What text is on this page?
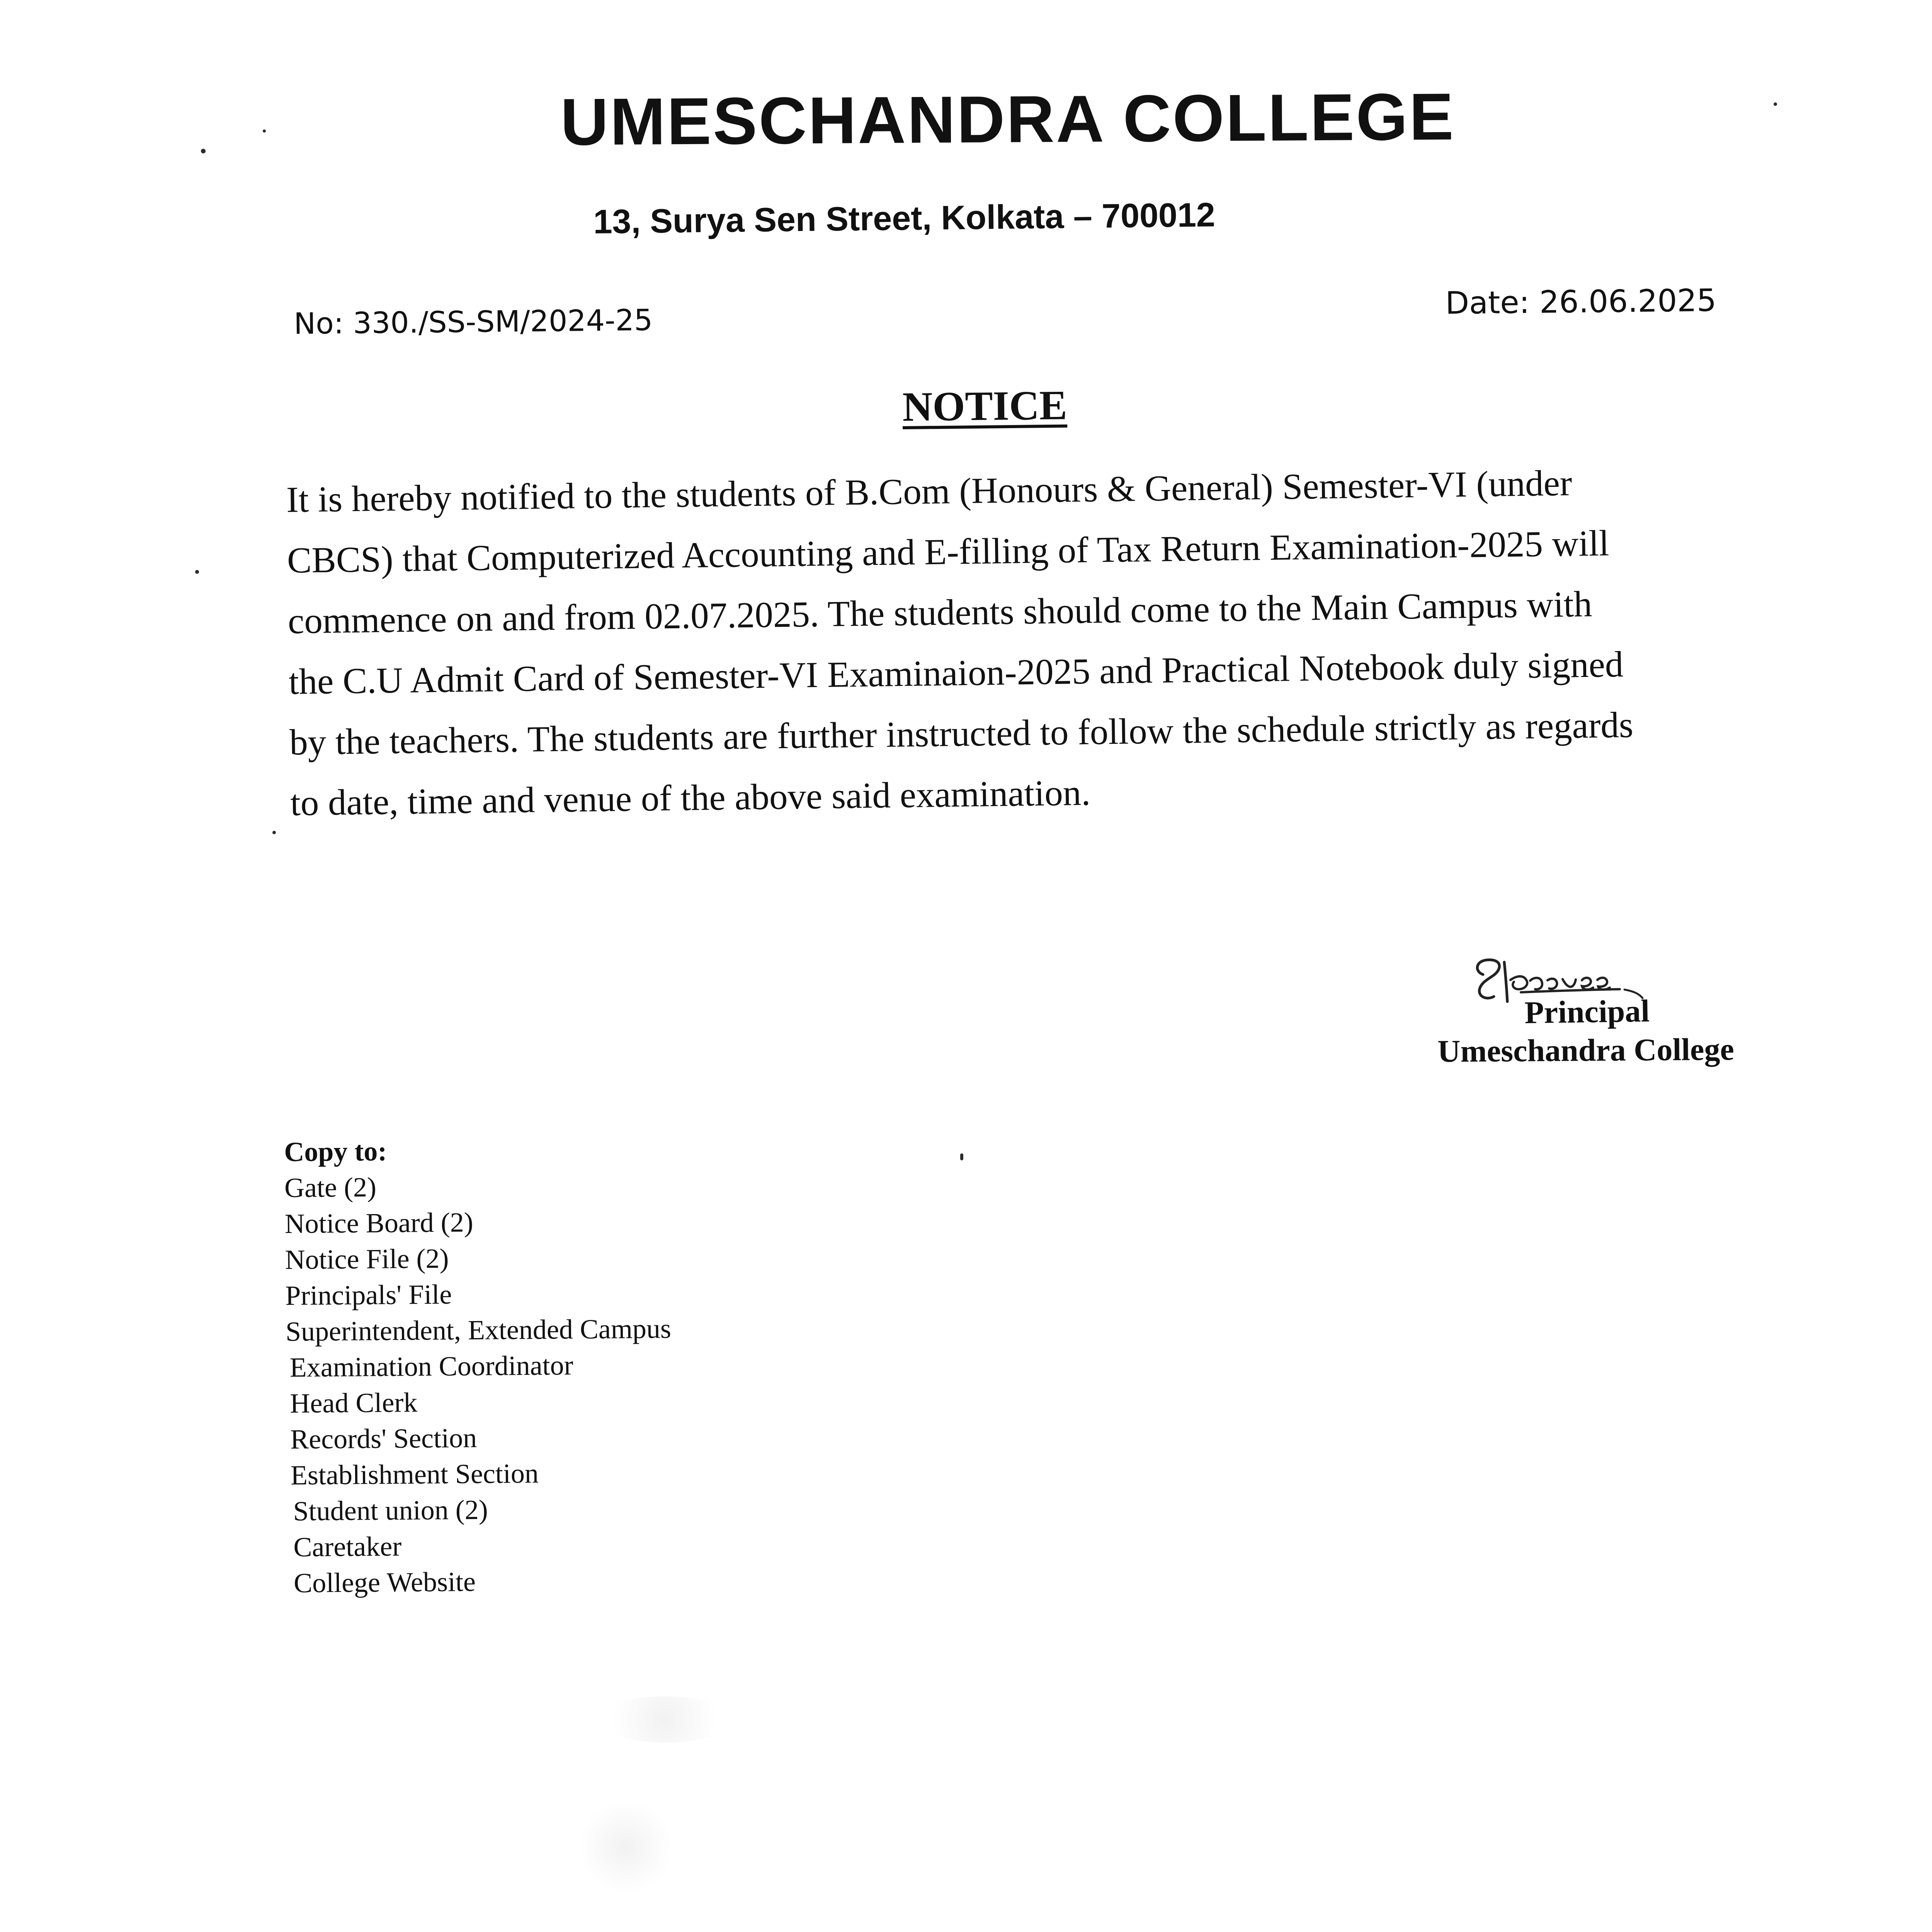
UMESCHANDRA COLLEGE
13, Surya Sen Street, Kolkata – 700012
No: 330./SS-SM/2024-25
Date: 26.06.2025
NOTICE
It is hereby notified to the students of B.Com (Honours & General) Semester-VI (under
CBCS) that Computerized Accounting and E-filling of Tax Return Examination-2025 will
commence on and from 02.07.2025. The students should come to the Main Campus with
the C.U Admit Card of Semester-VI Examinaion-2025 and Practical Notebook duly signed
by the teachers. The students are further instructed to follow the schedule strictly as regards
to date, time and venue of the above said examination.
Principal
Umeschandra College
Copy to:
Gate (2)
Notice Board (2)
Notice File (2)
Principals' File
Superintendent, Extended Campus
Examination Coordinator
Head Clerk
Records' Section
Establishment Section
Student union (2)
Caretaker
College Website
